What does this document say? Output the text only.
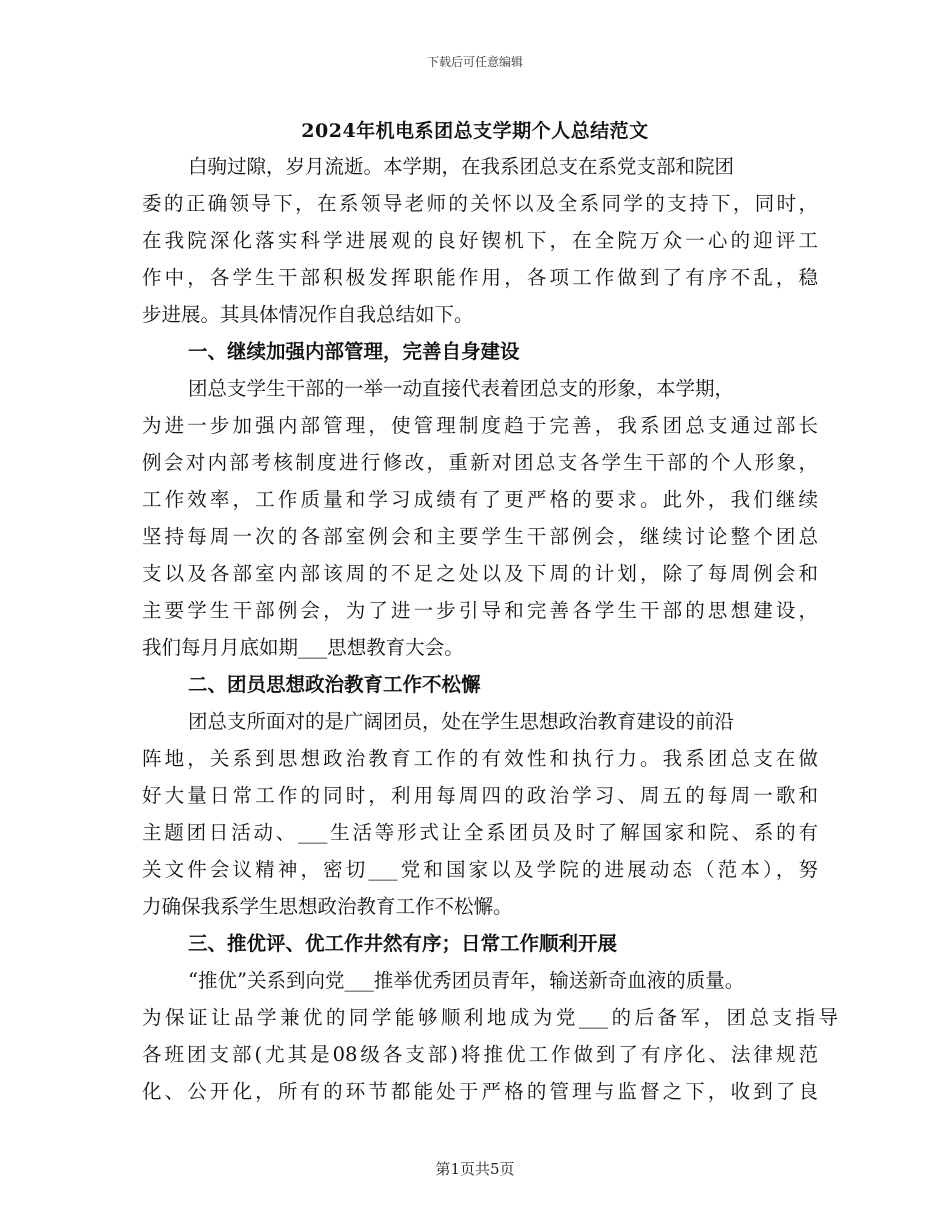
下载后可任意编辑
2024年机电系团总支学期个人总结范文
白驹过隙，岁月流逝。本学期，在我系团总支在系党支部和院团
委的正确领导下，在系领导老师的关怀以及全系同学的支持下，同时，
在我院深化落实科学进展观的良好锲机下，在全院万众一心的迎评工
作中，各学生干部积极发挥职能作用，各项工作做到了有序不乱，稳
步进展。其具体情况作自我总结如下。
一、继续加强内部管理，完善自身建设
团总支学生干部的一举一动直接代表着团总支的形象，本学期，
为进一步加强内部管理，使管理制度趋于完善，我系团总支通过部长
例会对内部考核制度进行修改，重新对团总支各学生干部的个人形象，
工作效率，工作质量和学习成绩有了更严格的要求。此外，我们继续
坚持每周一次的各部室例会和主要学生干部例会，继续讨论整个团总
支以及各部室内部该周的不足之处以及下周的计划，除了每周例会和
主要学生干部例会，为了进一步引导和完善各学生干部的思想建设，
我们每月月底如期___思想教育大会。
二、团员思想政治教育工作不松懈
团总支所面对的是广阔团员，处在学生思想政治教育建设的前沿
阵地，关系到思想政治教育工作的有效性和执行力。我系团总支在做
好大量日常工作的同时，利用每周四的政治学习、周五的每周一歌和
主题团日活动、___生活等形式让全系团员及时了解国家和院、系的有
关文件会议精神，密切___党和国家以及学院的进展动态（范本），努
力确保我系学生思想政治教育工作不松懈。
三、推优评、优工作井然有序；日常工作顺利开展
“推优”关系到向党___推举优秀团员青年，输送新奇血液的质量。
为保证让品学兼优的同学能够顺利地成为党___的后备军，团总支指导
各班团支部(尤其是08级各支部)将推优工作做到了有序化、法律规范
化、公开化，所有的环节都能处于严格的管理与监督之下，收到了良
第1页共5页
